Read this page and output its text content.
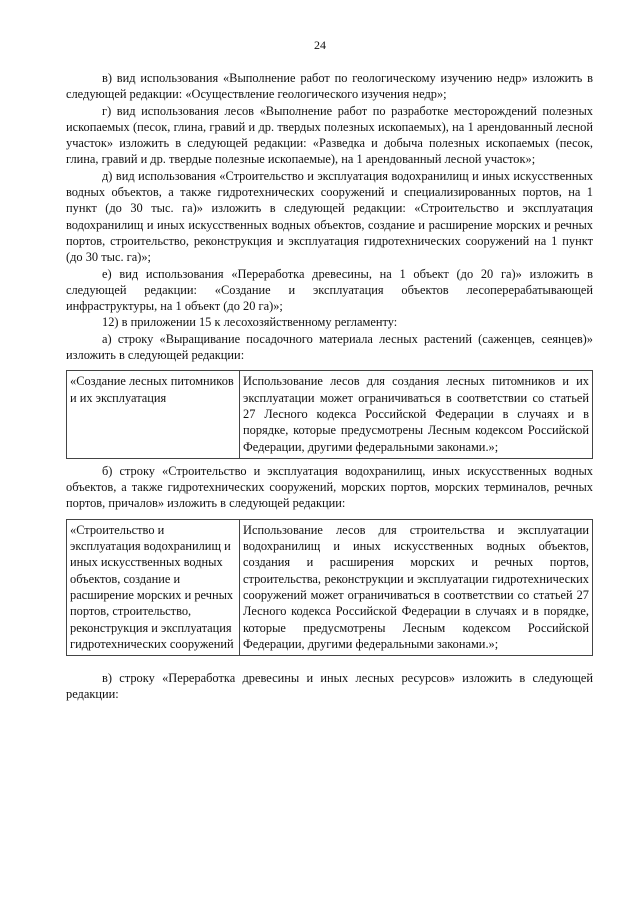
24

в) вид использования «Выполнение работ по геологическому изучению недр» изложить в следующей редакции: «Осуществление геологического изучения недр»;

г) вид использования лесов «Выполнение работ по разработке месторождений полезных ископаемых (песок, глина, гравий и др. твердых полезных ископаемых), на 1 арендованный лесной участок» изложить в следующей редакции: «Разведка и добыча полезных ископаемых (песок, глина, гравий и др. твердые полезные ископаемые), на 1 арендованный лесной участок»;

д) вид использования «Строительство и эксплуатация водохранилищ и иных искусственных водных объектов, а также гидротехнических сооружений и специализированных портов, на 1 пункт (до 30 тыс. га)» изложить в следующей редакции: «Строительство и эксплуатация водохранилищ и иных искусственных водных объектов, создание и расширение морских и речных портов, строительство, реконструкция и эксплуатация гидротехнических сооружений на 1 пункт (до 30 тыс. га)»;

е) вид использования «Переработка древесины, на 1 объект (до 20 га)» изложить в следующей редакции: «Создание и эксплуатация объектов лесоперерабатывающей инфраструктуры, на 1 объект (до 20 га)»;

12) в приложении 15 к лесохозяйственному регламенту:

а) строку «Выращивание посадочного материала лесных растений (саженцев, сеянцев)» изложить в следующей редакции:

«Создание лесных питомников и их эксплуатация	Использование лесов для создания лесных питомников и их эксплуатации может ограничиваться в соответствии со статьей 27 Лесного кодекса Российской Федерации в случаях и в порядке, которые предусмотрены Лесным кодексом Российской Федерации, другими федеральными законами.»;

б) строку «Строительство и эксплуатация водохранилищ, иных искусственных водных объектов, а также гидротехнических сооружений, морских портов, морских терминалов, речных портов, причалов» изложить в следующей редакции:

«Строительство и эксплуатация водохранилищ и иных искусственных водных объектов, создание и расширение морских и речных портов, строительство, реконструкция и эксплуатация гидротехнических сооружений	Использование лесов для строительства и эксплуатации водохранилищ и иных искусственных водных объектов, создания и расширения морских и речных портов, строительства, реконструкции и эксплуатации гидротехнических сооружений может ограничиваться в соответствии со статьей 27 Лесного кодекса Российской Федерации в случаях и в порядке, которые предусмотрены Лесным кодексом Российской Федерации, другими федеральными законами.»;

в) строку «Переработка древесины и иных лесных ресурсов» изложить в следующей редакции:
